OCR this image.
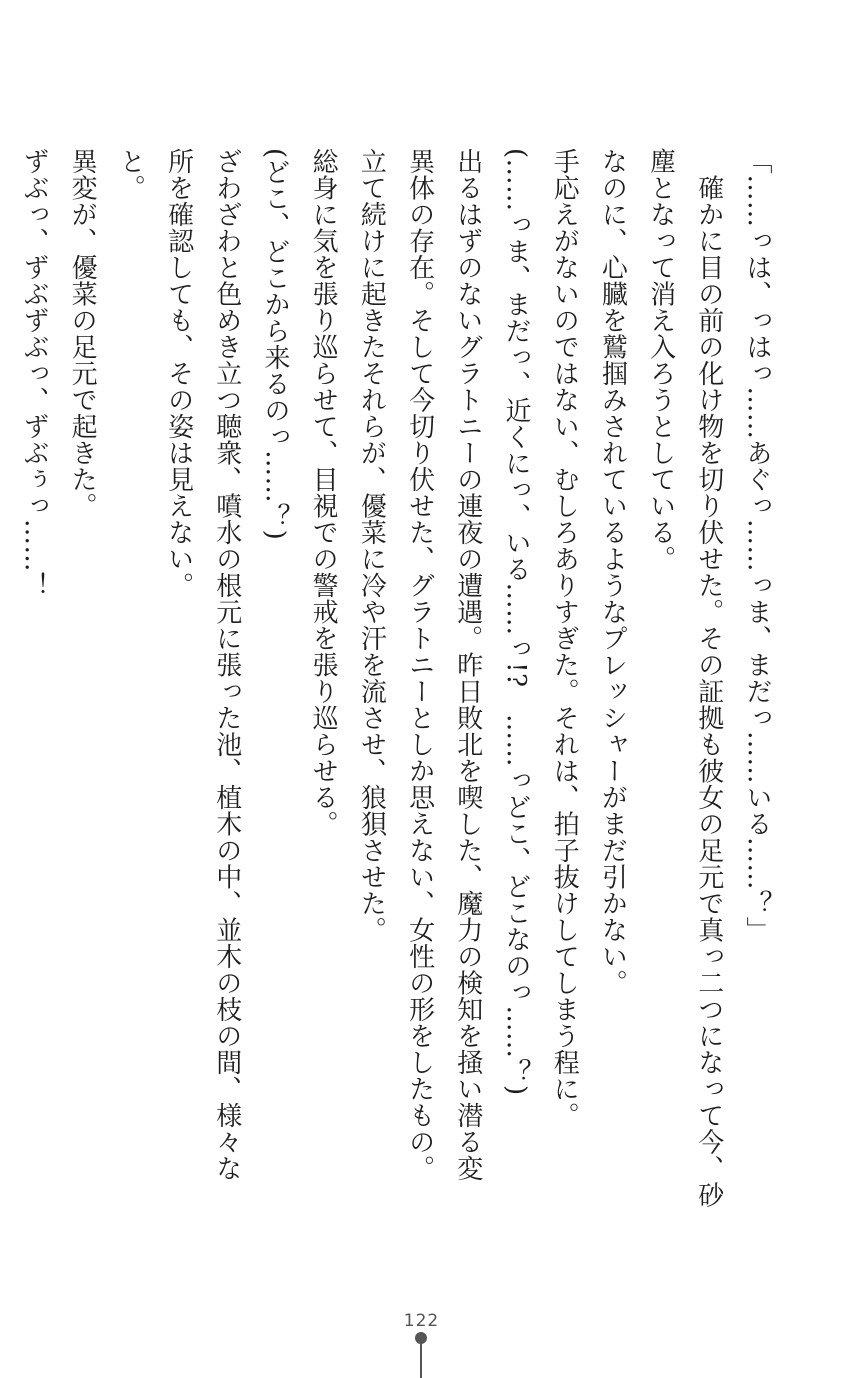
「……っは、っはっ……あぐっ……っま、まだっ……いる……？」
　確かに目の前の化け物を切り伏せた。その証拠も彼女の足元で真っ二つになって今、砂
塵となって消え入ろうとしている。
なのに、心臓を鷲掴みされているようなプレッシャーがまだ引かない。
手応えがないのではない、むしろありすぎた。それは、拍子抜けしてしまう程に。
(……っま、まだっ、近くにっ、いる……っ!?　……っどこ、どこなのっ……？)
出るはずのないグラトニーの連夜の遭遇。昨日敗北を喫した、魔力の検知を掻い潜る変
異体の存在。そして今切り伏せた、グラトニーとしか思えない、女性の形をしたもの。
立て続けに起きたそれらが、優菜に冷や汗を流させ、狼狽させた。
総身に気を張り巡らせて、目視での警戒を張り巡らせる。
(どこ、どこから来るのっ……？)
ざわざわと色めき立つ聴衆、噴水の根元に張った池、植木の中、並木の枝の間、様々な
所を確認しても、その姿は見えない。
と。
異変が、優菜の足元で起きた。
ずぶっ、ずぶずぶっ、ずぶぅっ……！
122
